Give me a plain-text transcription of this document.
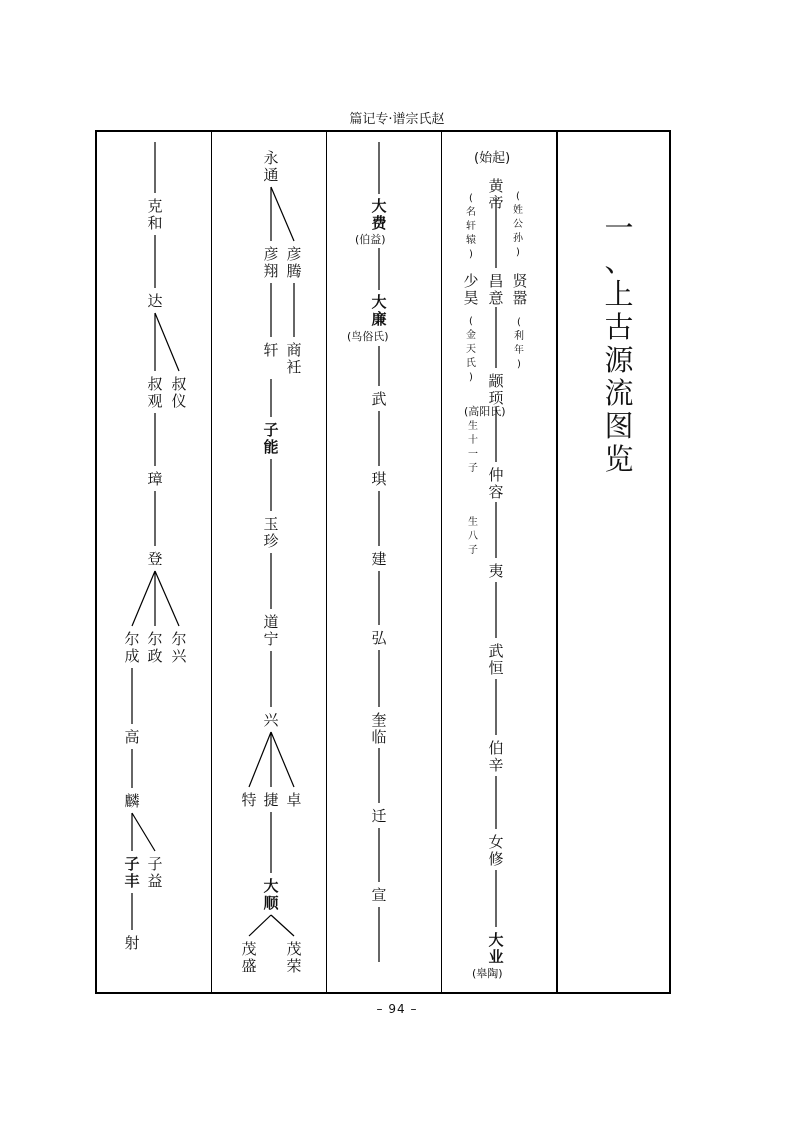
篇记专·谱宗氏赵
一
、
上
古
源
流
图
览
(始起)
黄
帝	(
姓
公
孙
)
(
名
轩
辕
)
昌
意
少
昊
(
金
天
氏
)
贤
嚣
(
利
年
)
颛
顼
(高阳氏)
生
十
一
子 仲
容
生
八
子
夷
武
恒
伯
辛
女
修
大
业
(皋陶)
大
费
(伯益)
大
廉
(鸟俗氏)
武
琪
建
弘
奎
临
迁
宣
永
通
彦
翔
彦
腾
轩 商
衽
子
能
玉
珍
道
宁
兴
特 捷 卓
大
顺
茂
盛
茂
荣
克
和
达
叔
观
叔
仪
璋
登
尔
成
尔
政
尔
兴
高
麟
子
丰
子
益
射
– 94 –
